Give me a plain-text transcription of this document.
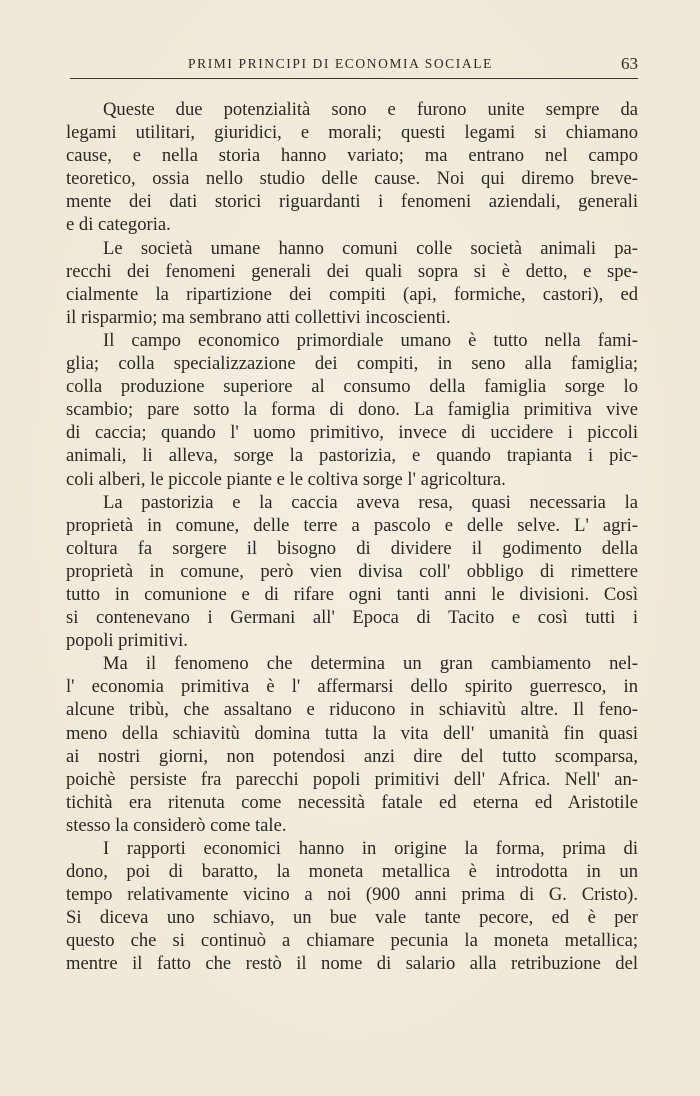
PRIMI PRINCIPI DI ECONOMIA SOCIALE	63
Queste due potenzialità sono e furono unite sempre da
legami utilitari, giuridici, e morali; questi legami si chiamano
cause, e nella storia hanno variato; ma entrano nel campo
teoretico, ossia nello studio delle cause. Noi qui diremo breve-
mente dei dati storici riguardanti i fenomeni aziendali, generali
e di categoria.
Le società umane hanno comuni colle società animali pa-
recchi dei fenomeni generali dei quali sopra si è detto, e spe-
cialmente la ripartizione dei compiti (api, formiche, castori), ed
il risparmio; ma sembrano atti collettivi incoscienti.
Il campo economico primordiale umano è tutto nella fami-
glia; colla specializzazione dei compiti, in seno alla famiglia;
colla produzione superiore al consumo della famiglia sorge lo
scambio; pare sotto la forma di dono. La famiglia primitiva vive
di caccia; quando l' uomo primitivo, invece di uccidere i piccoli
animali, li alleva, sorge la pastorizia, e quando trapianta i pic-
coli alberi, le piccole piante e le coltiva sorge l' agricoltura.
La pastorizia e la caccia aveva resa, quasi necessaria la
proprietà in comune, delle terre a pascolo e delle selve. L' agri-
coltura fa sorgere il bisogno di dividere il godimento della
proprietà in comune, però vien divisa coll' obbligo di rimettere
tutto in comunione e di rifare ogni tanti anni le divisioni. Così
si contenevano i Germani all' Epoca di Tacito e così tutti i
popoli primitivi.
Ma il fenomeno che determina un gran cambiamento nel-
l' economia primitiva è l' affermarsi dello spirito guerresco, in
alcune tribù, che assaltano e riducono in schiavitù altre. Il feno-
meno della schiavitù domina tutta la vita dell' umanità fin quasi
ai nostri giorni, non potendosi anzi dire del tutto scomparsa,
poichè persiste fra parecchi popoli primitivi dell' Africa. Nell' an-
tichità era ritenuta come necessità fatale ed eterna ed Aristotile
stesso la considerò come tale.
I rapporti economici hanno in origine la forma, prima di
dono, poi di baratto, la moneta metallica è introdotta in un
tempo relativamente vicino a noi (900 anni prima di G. Cristo).
Si diceva uno schiavo, un bue vale tante pecore, ed è per
questo che si continuò a chiamare pecunia la moneta metallica;
mentre il fatto che restò il nome di salario alla retribuzione del
